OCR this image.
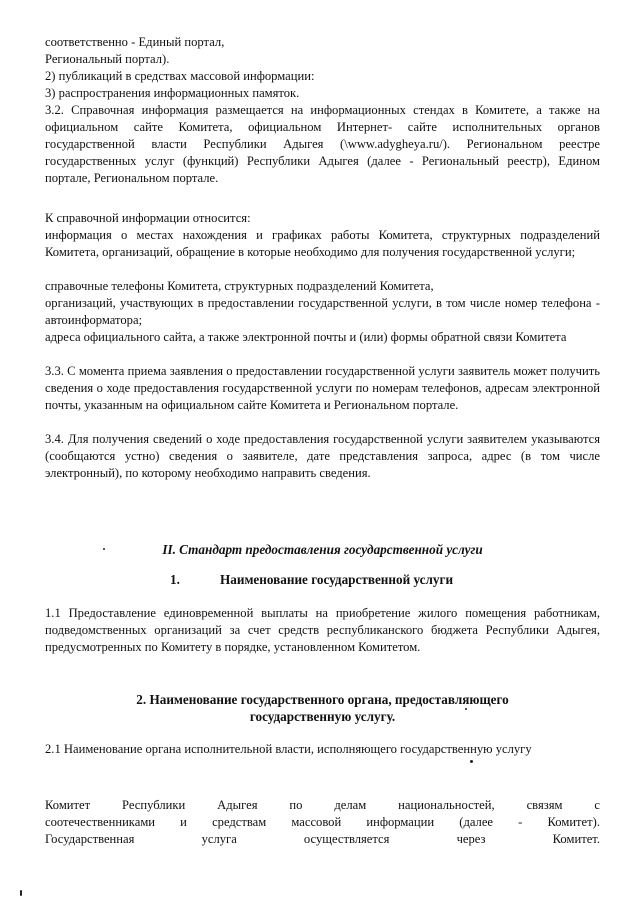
соответственно - Единый портал,
Региональный портал).
2) публикаций в средствах массовой информации:
3) распространения информационных памяток.

3.2. Справочная информация размещается на информационных стендах в Комитете, а также на официальном сайте Комитета, официальном Интернет- сайте исполнительных органов государственной власти Республики Адыгея (\www.adygheya.ru/). Региональном реестре государственных услуг (функций) Республики Адыгея (далее - Региональный реестр), Едином портале, Региональном портале.

К справочной информации относится:

информация о местах нахождения и графиках работы Комитета, структурных подразделений Комитета, организаций, обращение в которые необходимо для получения государственной услуги;

справочные телефоны Комитета, структурных подразделений Комитета,

организаций, участвующих в предоставлении государственной услуги, в том числе номер телефона - автоинформатора;

адреса официального сайта, а также электронной почты и (или) формы обратной связи Комитета

3.3. С момента приема заявления о предоставлении государственной услуги заявитель может получить сведения о ходе предоставления государственной услуги по номерам телефонов, адресам электронной почты, указанным на официальном сайте Комитета и Региональном портале.

3.4. Для получения сведений о ходе предоставления государственной услуги заявителем указываются (сообщаются устно) сведения о заявителе, дате представления запроса, адрес (в том числе электронный), по которому необходимо направить сведения.

II. Стандарт предоставления государственной услуги
1.	Наименование государственной услуги

1.1 Предоставление единовременной выплаты на приобретение жилого помещения работникам, подведомственных организаций за счет средств республиканского бюджета Республики Адыгея, предусмотренных по Комитету в порядке, установленном Комитетом.

2. Наименование государственного органа, предоставляющего
государственную услугу.

2.1 Наименование органа исполнительной власти, исполняющего государственную услугу

Комитет Республики Адыгея по делам национальностей, связям с
соотечественниками и средствам массовой информации (далее - Комитет).
Государственная услуга осуществляется через Комитет.
